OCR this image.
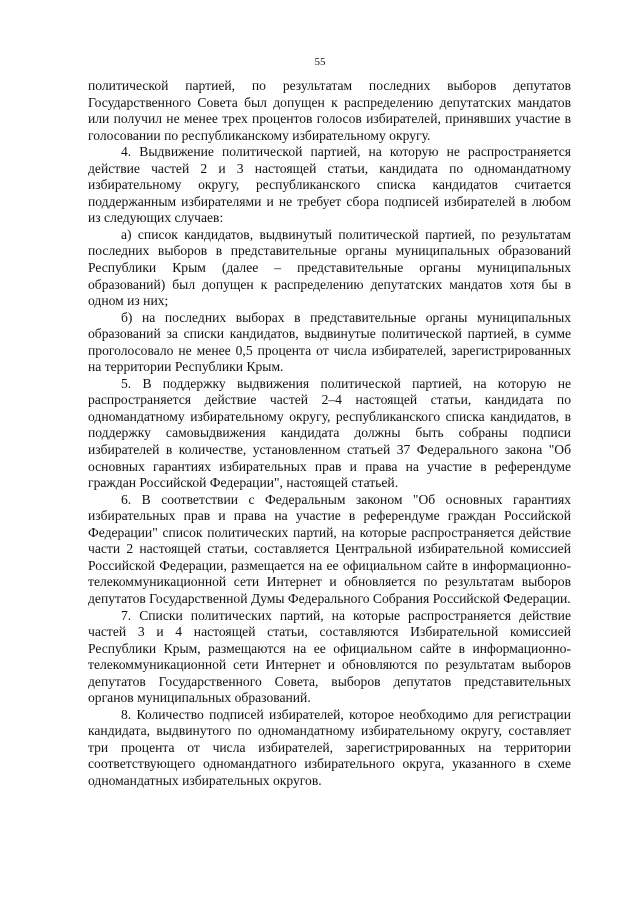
55

политической партией, по результатам последних выборов депутатов Государственного Совета был допущен к распределению депутатских мандатов или получил не менее трех процентов голосов избирателей, принявших участие в голосовании по республиканскому избирательному округу.

4. Выдвижение политической партией, на которую не распространяется действие частей 2 и 3 настоящей статьи, кандидата по одномандатному избирательному округу, республиканского списка кандидатов считается поддержанным избирателями и не требует сбора подписей избирателей в любом из следующих случаев:

а) список кандидатов, выдвинутый политической партией, по результатам последних выборов в представительные органы муниципальных образований Республики Крым (далее – представительные органы муниципальных образований) был допущен к распределению депутатских мандатов хотя бы в одном из них;

б) на последних выборах в представительные органы муниципальных образований за списки кандидатов, выдвинутые политической партией, в сумме проголосовало не менее 0,5 процента от числа избирателей, зарегистрированных на территории Республики Крым.

5. В поддержку выдвижения политической партией, на которую не распространяется действие частей 2–4 настоящей статьи, кандидата по одномандатному избирательному округу, республиканского списка кандидатов, в поддержку самовыдвижения кандидата должны быть собраны подписи избирателей в количестве, установленном статьей 37 Федерального закона "Об основных гарантиях избирательных прав и права на участие в референдуме граждан Российской Федерации", настоящей статьей.

6. В соответствии с Федеральным законом "Об основных гарантиях избирательных прав и права на участие в референдуме граждан Российской Федерации" список политических партий, на которые распространяется действие части 2 настоящей статьи, составляется Центральной избирательной комиссией Российской Федерации, размещается на ее официальном сайте в информационно-телекоммуникационной сети Интернет и обновляется по результатам выборов депутатов Государственной Думы Федерального Собрания Российской Федерации.

7. Списки политических партий, на которые распространяется действие частей 3 и 4 настоящей статьи, составляются Избирательной комиссией Республики Крым, размещаются на ее официальном сайте в информационно-телекоммуникационной сети Интернет и обновляются по результатам выборов депутатов Государственного Совета, выборов депутатов представительных органов муниципальных образований.

8. Количество подписей избирателей, которое необходимо для регистрации кандидата, выдвинутого по одномандатному избирательному округу, составляет три процента от числа избирателей, зарегистрированных на территории соответствующего одномандатного избирательного округа, указанного в схеме одномандатных избирательных округов.
